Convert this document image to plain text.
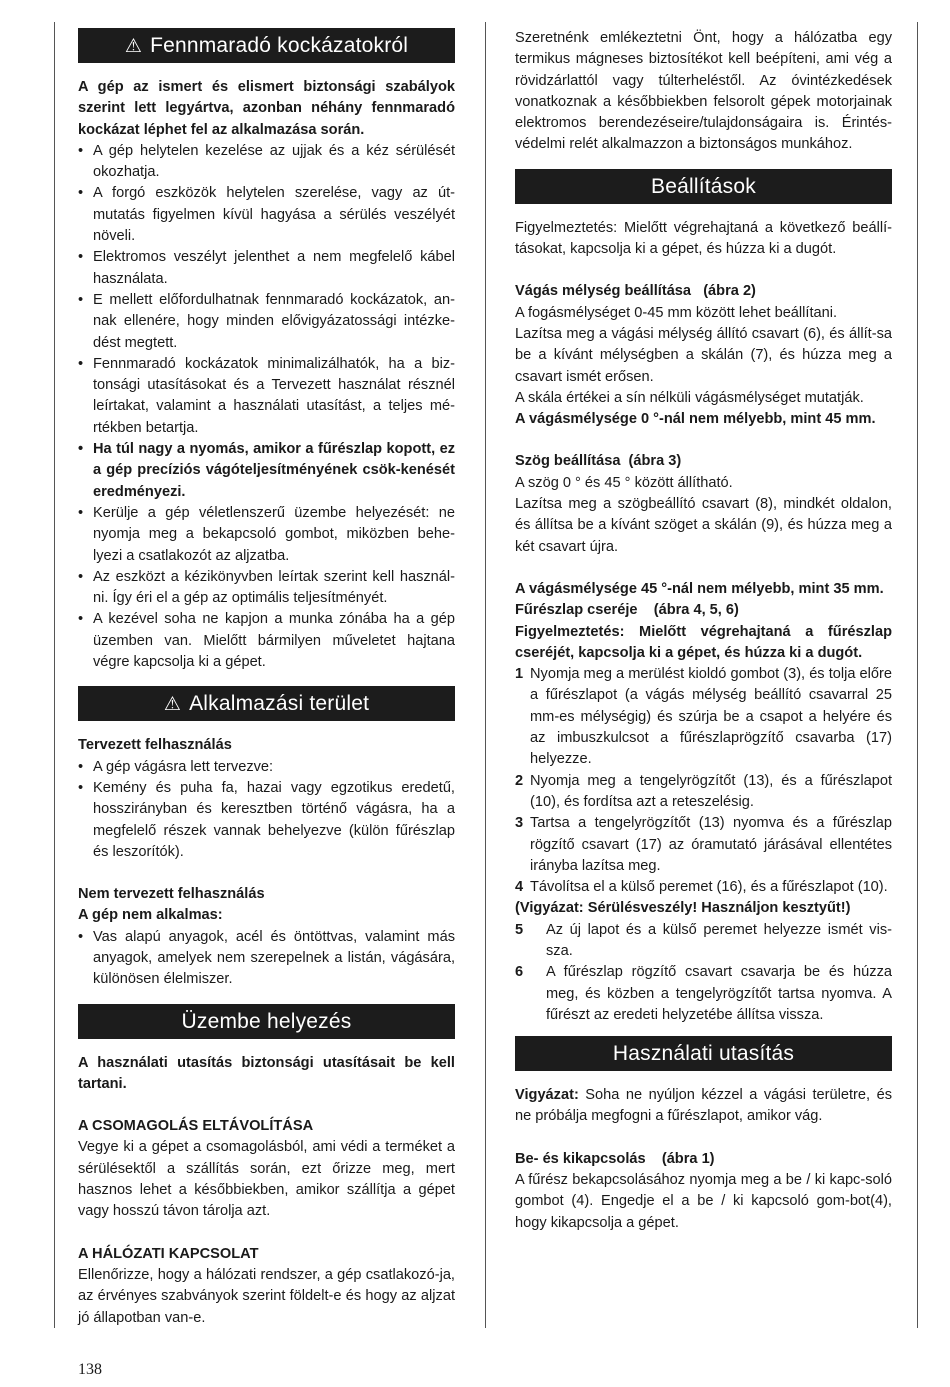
⚠ Fennmaradó kockázatokról

A gép az ismert és elismert biztonsági szabályok szerint lett legyártva, azonban néhány fennmaradó kockázat léphet fel az alkalmazása során.

• A gép helytelen kezelése az ujjak és a kéz sérülését okozhatja.
• A forgó eszközök helytelen szerelése, vagy az út-mutatás figyelmen kívül hagyása a sérülés veszélyét növeli.
• Elektromos veszélyt jelenthet a nem megfelelő kábel használata.
• E mellett előfordulhatnak fennmaradó kockázatok, an-nak ellenére, hogy minden elővigyázatossági intézke-dést megtett.
• Fennmaradó kockázatok minimalizálhatók, ha a biz-tonsági utasításokat és a Tervezett használat résznél leírtakat, valamint a használati utasítást, a teljes mé-rtékben betartja.
• Ha túl nagy a nyomás, amikor a fűrészlap kopott, ez a gép precíziós vágóteljesítményének csök-kenését eredményezi.
• Kerülje a gép véletlenszerű üzembe helyezését: ne nyomja meg a bekapcsoló gombot, miközben behe-lyezi a csatlakozót az aljzatba.
• Az eszközt a kézikönyvben leírtak szerint kell használ-ni. Így éri el a gép az optimális teljesítményét.
• A kezével soha ne kapjon a munka zónába ha a gép üzemben van. Mielőtt bármilyen műveletet hajtana végre kapcsolja ki a gépet.
⚠ Alkalmazási terület

Tervezett felhasználás

• A gép vágásra lett tervezve:
• Kemény és puha fa, hazai vagy egzotikus eredetű, hosszirányban és keresztben történő vágásra, ha a megfelelő részek vannak behelyezve (külön fűrészlap és leszorítók).

Nem tervezett felhasználás

A gép nem alkalmas:

• Vas alapú anyagok, acél és öntöttvas, valamint más anyagok, amelyek nem szerepelnek a listán, vágására, különösen élelmiszer.
Üzembe helyezés

A használati utasítás biztonsági utasításait be kell tartani.

A CSOMAGOLÁS ELTÁVOLÍTÁSA

Vegye ki a gépet a csomagolásból, ami védi a terméket a sérülésektől a szállítás során, ezt őrizze meg, mert hasznos lehet a későbbiekben, amikor szállítja a gépet vagy hosszú távon tárolja azt.

A HÁLÓZATI KAPCSOLAT

Ellenőrizze, hogy a hálózati rendszer, a gép csatlakozó-ja, az érvényes szabványok szerint földelt-e és hogy az aljzat jó állapotban van-e.

Szeretnénk emlékeztetni Önt, hogy a hálózatba egy termikus mágneses biztosítékot kell beépíteni, ami vég a rövidzárlattól vagy túlterheléstől. Az óvintézkedések vonatkoznak a későbbiekben felsorolt gépek motorjainak elektromos berendezéseire/tulajdonságaira is. Érintés-védelmi relét alkalmazzon a biztonságos munkához.

Beállítások

Figyelmeztetés: Mielőtt végrehajtaná a következő beállí-tásokat, kapcsolja ki a gépet, és húzza ki a dugót.

Vágás mélység beállítása   (ábra 2)

A fogásmélységet 0-45 mm között lehet beállítani.

Lazítsa meg a vágási mélység állító csavart (6), és állít-sa be a kívánt mélységben a skálán (7), és húzza meg a csavart ismét erősen.

A skála értékei a sín nélküli vágásmélységet mutatják.

A vágásmélysége 0 °-nál nem mélyebb, mint 45 mm.

Szög beállítása  (ábra 3)

A szög 0 ° és 45 ° között állítható.

Lazítsa meg a szögbeállító csavart (8), mindkét oldalon, és állítsa be a kívánt szöget a skálán (9), és húzza meg a két csavart újra.

A vágásmélysége 45 °-nál nem mélyebb, mint 35 mm.

Fűrészlap cseréje    (ábra 4, 5, 6)

Figyelmeztetés: Mielőtt végrehajtaná a fűrészlap cseréjét, kapcsolja ki a gépet, és húzza ki a dugót.

1 Nyomja meg a merülést kioldó gombot (3), és tolja előre a fűrészlapot (a vágás mélység beállító csavarral 25 mm-es mélységig) és szúrja be a csapot a helyére és az imbuszkulcsot a fűrészlaprögzítő csavarba (17) helyezze.
2 Nyomja meg a tengelyrögzítőt (13), és a fűrészlapot (10), és fordítsa azt a reteszelésig.
3 Tartsa a tengelyrögzítőt (13) nyomva és a fűrészlap rögzítő csavart (17) az óramutató járásával ellentétes irányba lazítsa meg.
4 Távolítsa el a külső peremet (16), és a fűrészlapot (10).

(Vigyázat: Sérülésveszély! Használjon kesztyűt!)

5 Az új lapot és a külső peremet helyezze ismét vis-sza.
6 A fűrészlap rögzítő csavart csavarja be és húzza meg, és közben a tengelyrögzítőt tartsa nyomva. A fűrészt az eredeti helyzetébe állítsa vissza.
Használati utasítás

Vigyázat: Soha ne nyúljon kézzel a vágási területre, és ne próbálja megfogni a fűrészlapot, amikor vág.

Be- és kikapcsolás    (ábra 1)

A fűrész bekapcsolásához nyomja meg a be / ki kapc-soló gombot (4). Engedje el a be / ki kapcsoló gom-bot(4), hogy kikapcsolja a gépet.

138
